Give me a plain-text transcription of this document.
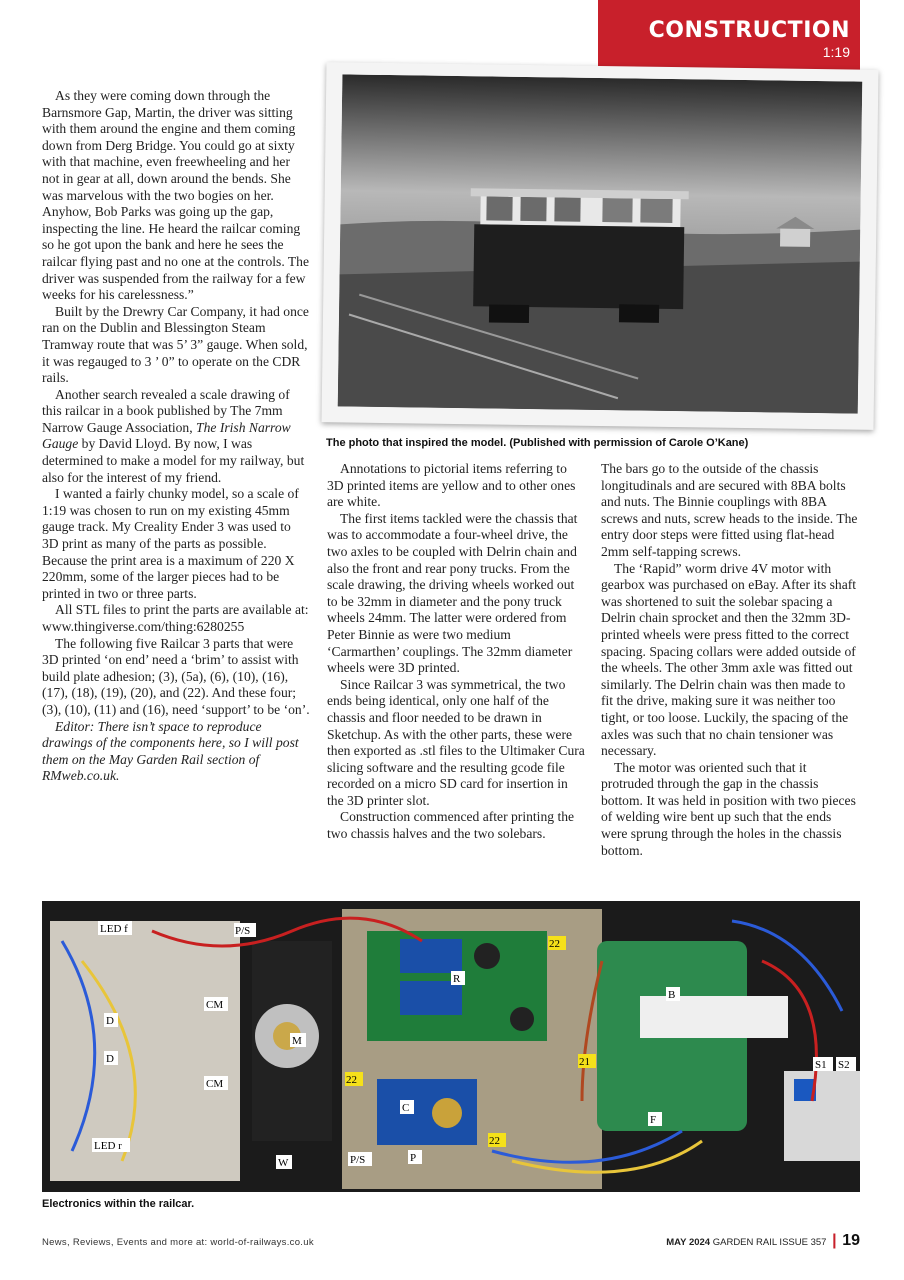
CONSTRUCTION
1:19

As they were coming down through the Barnsmore Gap, Martin, the driver was sitting with them around the engine and them coming down from Derg Bridge. You could go at sixty with that machine, even freewheeling and her not in gear at all, down around the bends. She was marvelous with the two bogies on her. Anyhow, Bob Parks was going up the gap, inspecting the line. He heard the railcar coming so he got upon the bank and here he sees the railcar flying past and no one at the controls. The driver was suspended from the railway for a few weeks for his carelessness.”

Built by the Drewry Car Company, it had once ran on the Dublin and Blessington Steam Tramway route that was 5’ 3” gauge. When sold, it was regauged to 3 ’ 0” to operate on the CDR rails.

Another search revealed a scale drawing of this railcar in a book published by The 7mm Narrow Gauge Association, The Irish Narrow Gauge by David Lloyd. By now, I was determined to make a model for my railway, but also for the interest of my friend.

I wanted a fairly chunky model, so a scale of 1:19 was chosen to run on my existing 45mm gauge track. My Creality Ender 3 was used to 3D print as many of the parts as possible. Because the print area is a maximum of 220 X 220mm, some of the larger pieces had to be printed in two or three parts.

All STL files to print the parts are available at: www.thingiverse.com/thing:6280255

The following five Railcar 3 parts that were 3D printed ‘on end’ need a ‘brim’ to assist with build plate adhesion; (3), (5a), (6), (10), (16), (17), (18), (19), (20), and (22). And these four; (3), (10), (11) and (16), need ‘support’ to be ‘on’.

Editor: There isn’t space to reproduce drawings of the components here, so I will post them on the May Garden Rail section of RMweb.co.uk.

The photo that inspired the model. (Published with permission of Carole O’Kane)

Annotations to pictorial items referring to 3D printed items are yellow and to other ones are white.

The first items tackled were the chassis that was to accommodate a four-wheel drive, the two axles to be coupled with Delrin chain and also the front and rear pony trucks. From the scale drawing, the driving wheels worked out to be 32mm in diameter and the pony truck wheels 24mm. The latter were ordered from Peter Binnie as were two medium ‘Carmarthen’ couplings. The 32mm diameter wheels were 3D printed.

Since Railcar 3 was symmetrical, the two ends being identical, only one half of the chassis and floor needed to be drawn in Sketchup. As with the other parts, these were then exported as .stl files to the Ultimaker Cura slicing software and the resulting gcode file recorded on a micro SD card for insertion in the 3D printer slot.

Construction commenced after printing the two chassis halves and the two solebars.

The bars go to the outside of the chassis longitudinals and are secured with 8BA bolts and nuts. The Binnie couplings with 8BA screws and nuts, screw heads to the inside. The entry door steps were fitted using flat-head 2mm self-tapping screws.

The ‘Rapid” worm drive 4V motor with gearbox was purchased on eBay. After its shaft was shortened to suit the solebar spacing a Delrin chain sprocket and then the 32mm 3D-printed wheels were press fitted to the correct spacing. Spacing collars were added outside of the wheels. The other 3mm axle was fitted out similarly. The Delrin chain was then made to fit the drive, making sure it was neither too tight, or too loose. Luckily, the spacing of the axles was such that no chain tensioner was necessary.

The motor was oriented such that it protruded through the gap in the chassis bottom. It was held in position with two pieces of welding wire bent up such that the ends were sprung through the holes in the chassis bottom.

LED f	P/S
CM
CM
D
D
M
LED r
W	P/S	P
R
C
B
F
S1 S2
22
22
22
21
Electronics within the railcar.
News, Reviews, Events and more at: world-of-railways.co.uk	MAY 2024 GARDEN RAIL ISSUE 357 | 19
